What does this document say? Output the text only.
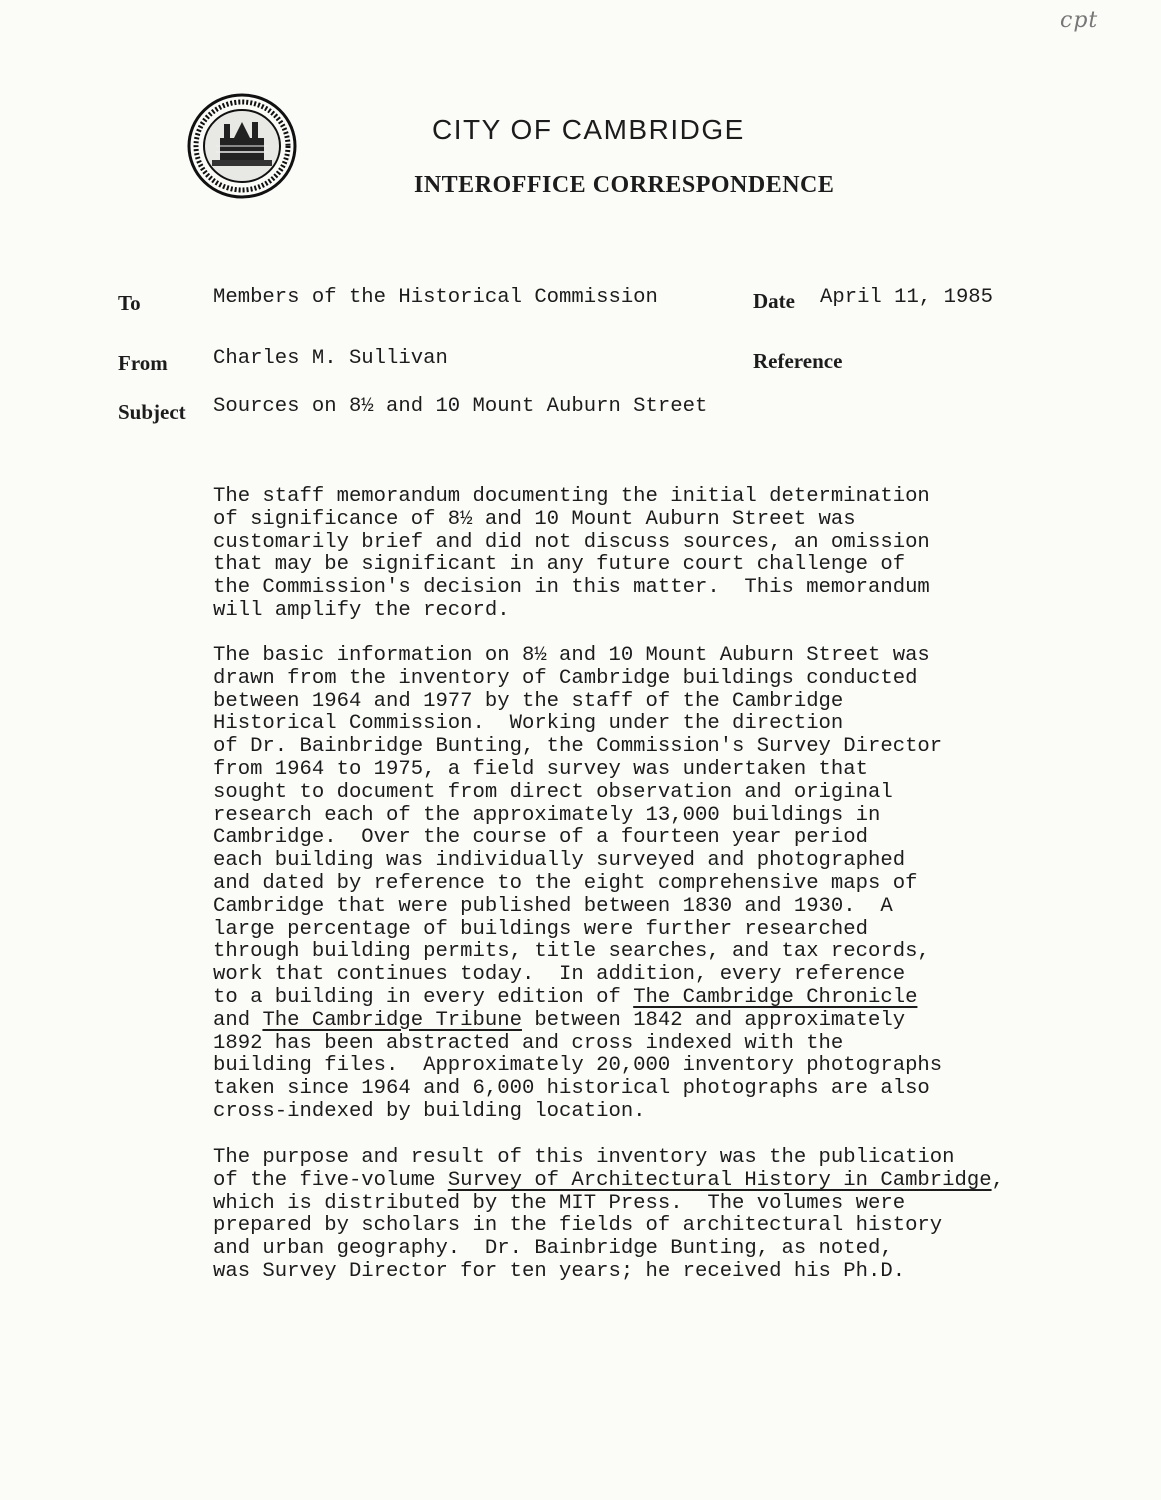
cpt
CITY OF CAMBRIDGE
INTEROFFICE CORRESPONDENCE
To	Members of the Historical Commission	Date April 11, 1985
From Charles M. Sullivan	Reference
Subject Sources on 8½ and 10 Mount Auburn Street
The staff memorandum documenting the initial determination
of significance of 8½ and 10 Mount Auburn Street was
customarily brief and did not discuss sources, an omission
that may be significant in any future court challenge of
the Commission's decision in this matter.  This memorandum
will amplify the record.
The basic information on 8½ and 10 Mount Auburn Street was
drawn from the inventory of Cambridge buildings conducted
between 1964 and 1977 by the staff of the Cambridge
Historical Commission.  Working under the direction
of Dr. Bainbridge Bunting, the Commission's Survey Director
from 1964 to 1975, a field survey was undertaken that
sought to document from direct observation and original
research each of the approximately 13,000 buildings in
Cambridge.  Over the course of a fourteen year period
each building was individually surveyed and photographed
and dated by reference to the eight comprehensive maps of
Cambridge that were published between 1830 and 1930.  A
large percentage of buildings were further researched
through building permits, title searches, and tax records,
work that continues today.  In addition, every reference
to a building in every edition of The Cambridge Chronicle
and The Cambridge Tribune between 1842 and approximately
1892 has been abstracted and cross indexed with the
building files.  Approximately 20,000 inventory photographs
taken since 1964 and 6,000 historical photographs are also
cross-indexed by building location.
The purpose and result of this inventory was the publication
of the five-volume Survey of Architectural History in Cambridge,
which is distributed by the MIT Press.  The volumes were
prepared by scholars in the fields of architectural history
and urban geography.  Dr. Bainbridge Bunting, as noted,
was Survey Director for ten years; he received his Ph.D.
